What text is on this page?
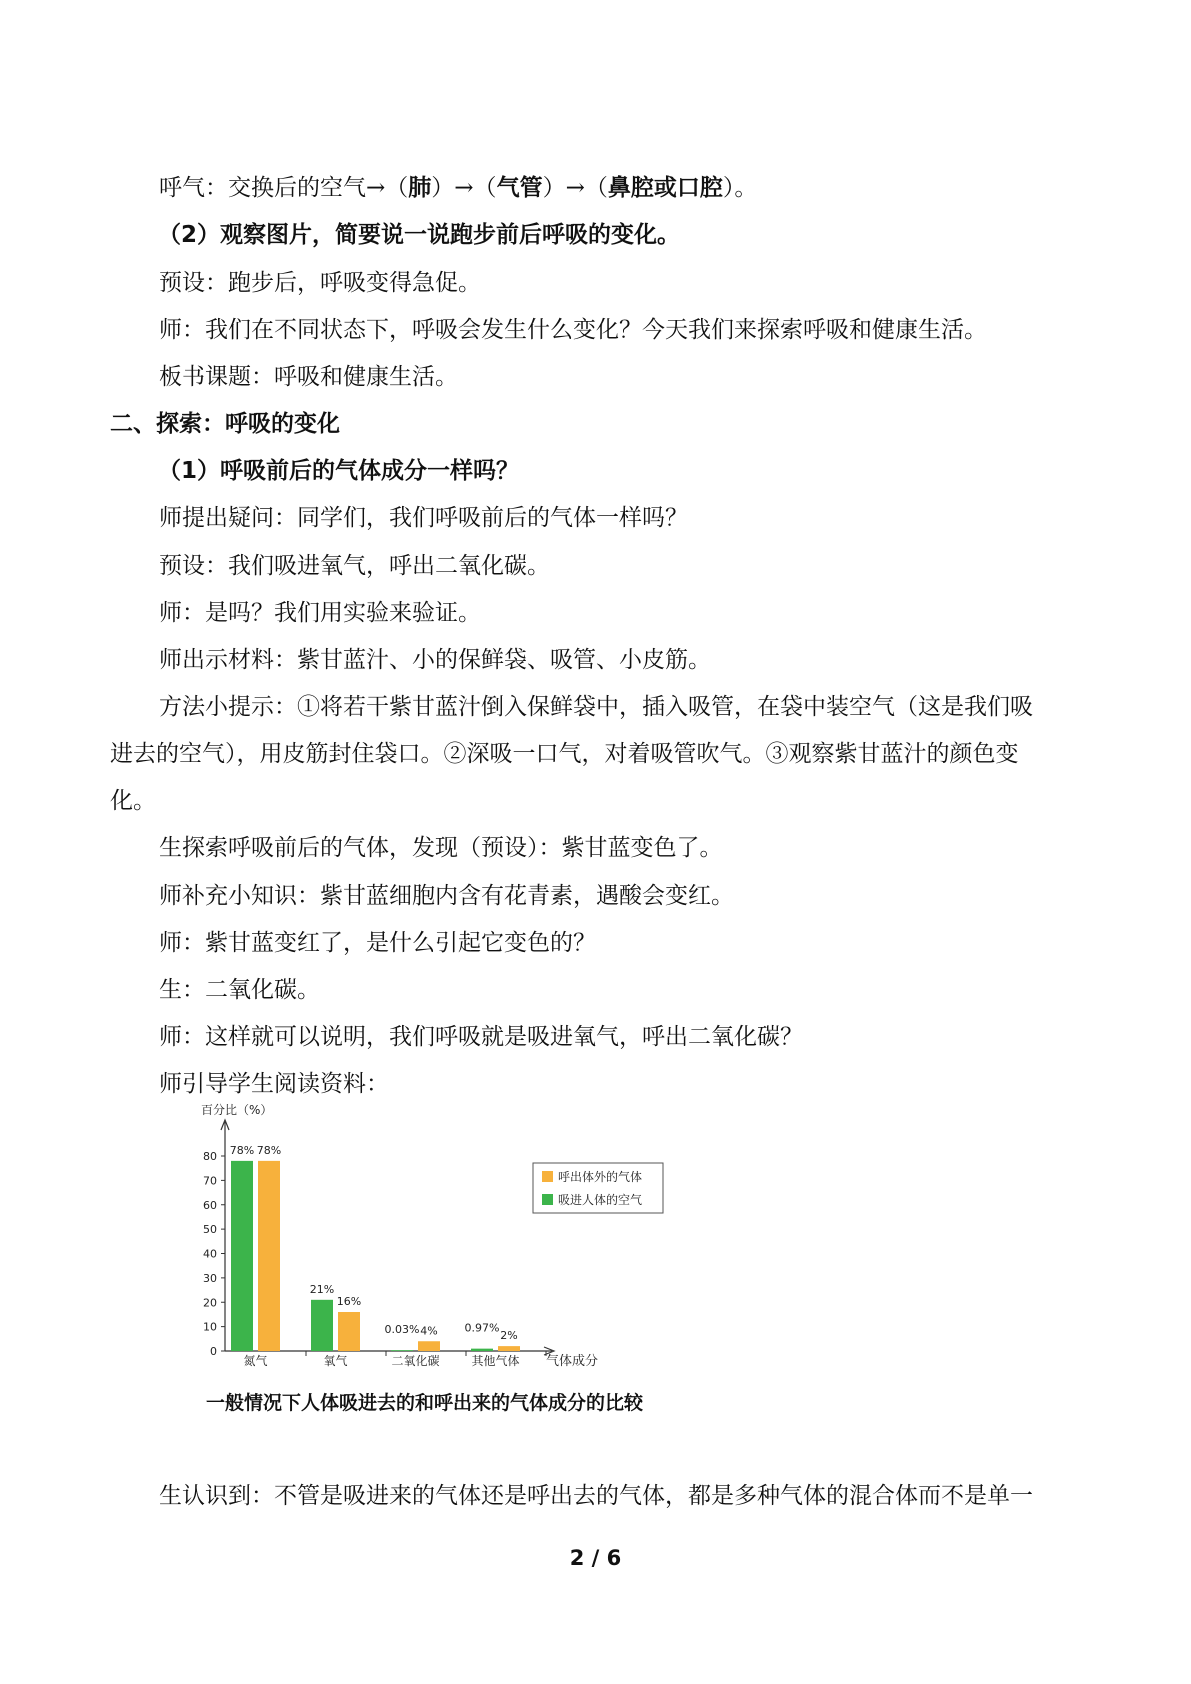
呼气：交换后的空气→（肺）→（气管）→（鼻腔或口腔）。
（2）观察图片，简要说一说跑步前后呼吸的变化。
预设：跑步后，呼吸变得急促。
师：我们在不同状态下，呼吸会发生什么变化？今天我们来探索呼吸和健康生活。
板书课题：呼吸和健康生活。
二、探索：呼吸的变化
（1）呼吸前后的气体成分一样吗？
师提出疑问：同学们，我们呼吸前后的气体一样吗？
预设：我们吸进氧气，呼出二氧化碳。
师：是吗？我们用实验来验证。
师出示材料：紫甘蓝汁、小的保鲜袋、吸管、小皮筋。
方法小提示：①将若干紫甘蓝汁倒入保鲜袋中，插入吸管，在袋中装空气（这是我们吸
进去的空气），用皮筋封住袋口。②深吸一口气，对着吸管吹气。③观察紫甘蓝汁的颜色变
化。
生探索呼吸前后的气体，发现（预设）：紫甘蓝变色了。
师补充小知识：紫甘蓝细胞内含有花青素，遇酸会变红。
师：紫甘蓝变红了，是什么引起它变色的？
生：二氧化碳。
师：这样就可以说明，我们呼吸就是吸进氧气，呼出二氧化碳？
师引导学生阅读资料：
百分比（%）
0
10
20
30
40
50
60
70
80 78% 78%
氮气
21%
16%
氧气
0.03% 4%
二氧化碳
0.97%
2%
其他气体 气体成分
呼出体外的气体
吸进人体的空气
一般情况下人体吸进去的和呼出来的气体成分的比较
生认识到：不管是吸进来的气体还是呼出去的气体，都是多种气体的混合体而不是单一
2 / 6
